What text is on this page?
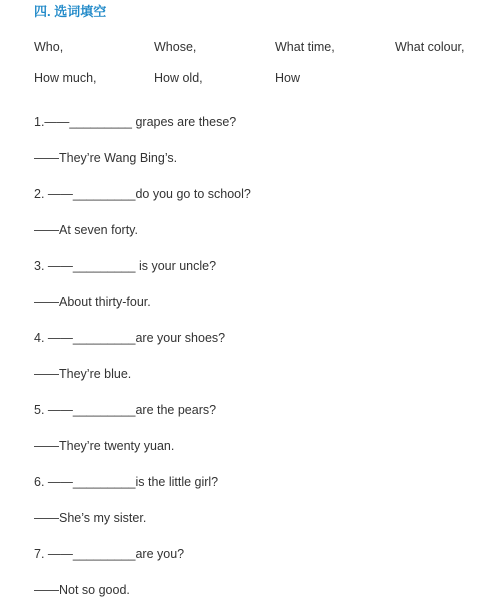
四. 选词填空
Who,	Whose,	What time,	What colour,
How much,	How old,	How
1.——_________ grapes are these?
——They’re Wang Bing’s.
2. ——_________do you go to school?
——At seven forty.
3. ——_________ is your uncle?
——About thirty-four.
4. ——_________are your shoes?
——They’re blue.
5. ——_________are the pears?
——They’re twenty yuan.
6. ——_________is the little girl?
——She’s my sister.
7. ——_________are you?
——Not so good.
